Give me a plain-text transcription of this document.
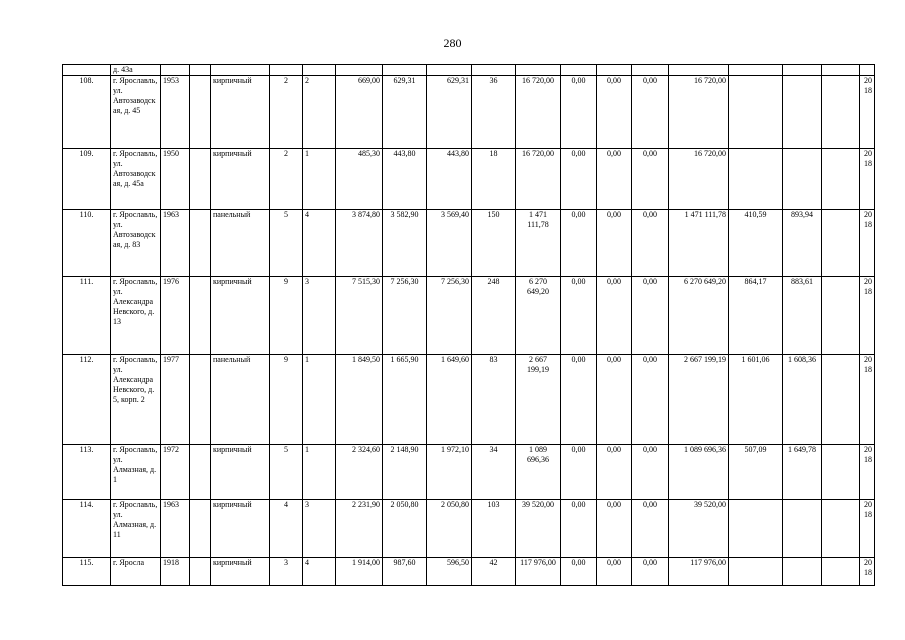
280
	д. 43а																		
108.	г. Ярославль, ул. Автозаводская, д. 45	1953		кирпичный	2	2	669,00	629,31	629,31	36	16 720,00	0,00	0,00	0,00	16 720,00				2018
109.	г. Ярославль, ул. Автозаводская, д. 45а	1950		кирпичный	2	1	485,30	443,80	443,80	18	16 720,00	0,00	0,00	0,00	16 720,00				2018
110.	г. Ярославль, ул. Автозаводская, д. 83	1963		панельный	5	4	3 874,80	3 582,90	3 569,40	150	1 471 111,78	0,00	0,00	0,00	1 471 111,78	410,59	893,94		2018
111.	г. Ярославль, ул. Александра Невского, д. 13	1976		кирпичный	9	3	7 515,30	7 256,30	7 256,30	248	6 270 649,20	0,00	0,00	0,00	6 270 649,20	864,17	883,61		2018
112.	г. Ярославль, ул. Александра Невского, д. 5, корп. 2	1977		панельный	9	1	1 849,50	1 665,90	1 649,60	83	2 667 199,19	0,00	0,00	0,00	2 667 199,19	1 601,06	1 608,36		2018
113.	г. Ярославль, ул. Алмазная, д. 1	1972		кирпичный	5	1	2 324,60	2 148,90	1 972,10	34	1 089 696,36	0,00	0,00	0,00	1 089 696,36	507,09	1 649,78		2018
114.	г. Ярославль, ул. Алмазная, д. 11	1963		кирпичный	4	3	2 231,90	2 050,80	2 050,80	103	39 520,00	0,00	0,00	0,00	39 520,00				2018
115.	г. Яросла	1918		кирпичный	3	4	1 914,00	987,60	596,50	42	117 976,00	0,00	0,00	0,00	117 976,00				2018
